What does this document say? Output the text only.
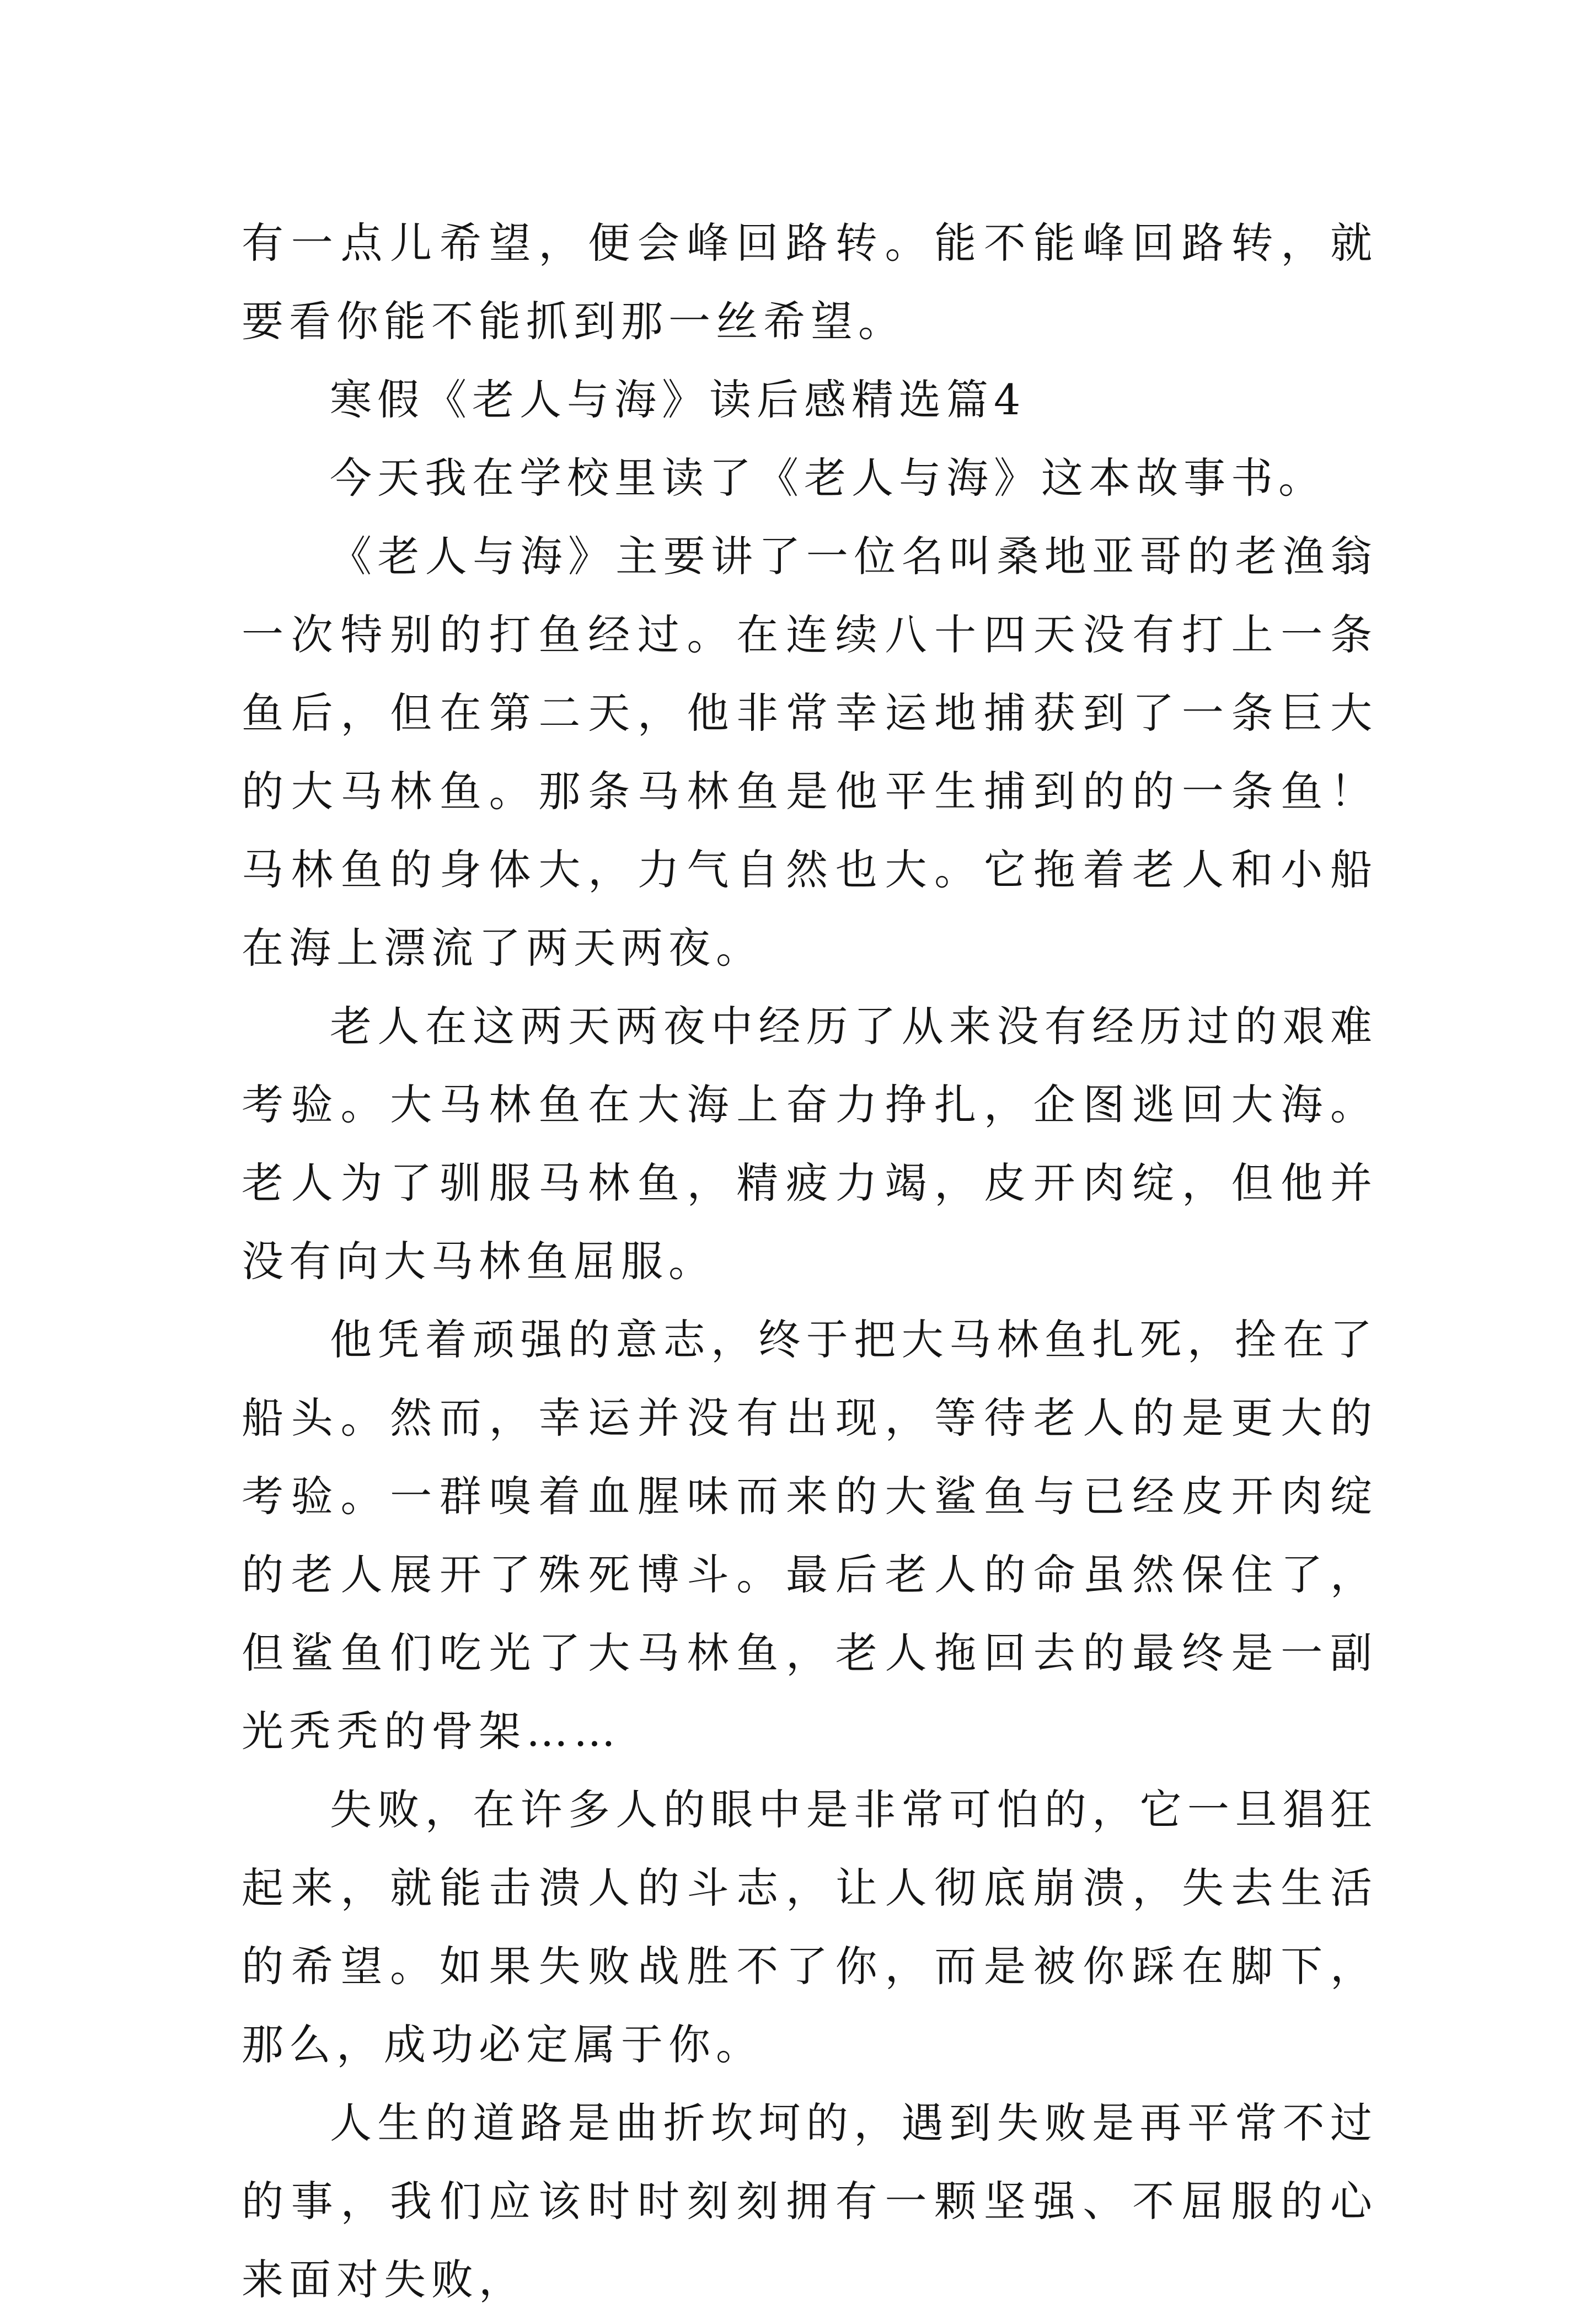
有一点儿希望，便会峰回路转。能不能峰回路转，就要看你能不能抓到那一丝希望。

寒假《老人与海》读后感精选篇4

今天我在学校里读了《老人与海》这本故事书。

《老人与海》主要讲了一位名叫桑地亚哥的老渔翁一次特别的打鱼经过。在连续八十四天没有打上一条鱼后，但在第二天，他非常幸运地捕获到了一条巨大的大马林鱼。那条马林鱼是他平生捕到的的一条鱼！马林鱼的身体大，力气自然也大。它拖着老人和小船在海上漂流了两天两夜。

老人在这两天两夜中经历了从来没有经历过的艰难考验。大马林鱼在大海上奋力挣扎，企图逃回大海。老人为了驯服马林鱼，精疲力竭，皮开肉绽，但他并没有向大马林鱼屈服。

他凭着顽强的意志，终于把大马林鱼扎死，拴在了船头。然而，幸运并没有出现，等待老人的是更大的考验。一群嗅着血腥味而来的大鲨鱼与已经皮开肉绽的老人展开了殊死博斗。最后老人的命虽然保住了，但鲨鱼们吃光了大马林鱼，老人拖回去的最终是一副光秃秃的骨架……

失败，在许多人的眼中是非常可怕的，它一旦猖狂起来，就能击溃人的斗志，让人彻底崩溃，失去生活的希望。如果失败战胜不了你，而是被你踩在脚下，那么，成功必定属于你。

人生的道路是曲折坎坷的，遇到失败是再平常不过的事，我们应该时时刻刻拥有一颗坚强、不屈服的心来面对失败，
